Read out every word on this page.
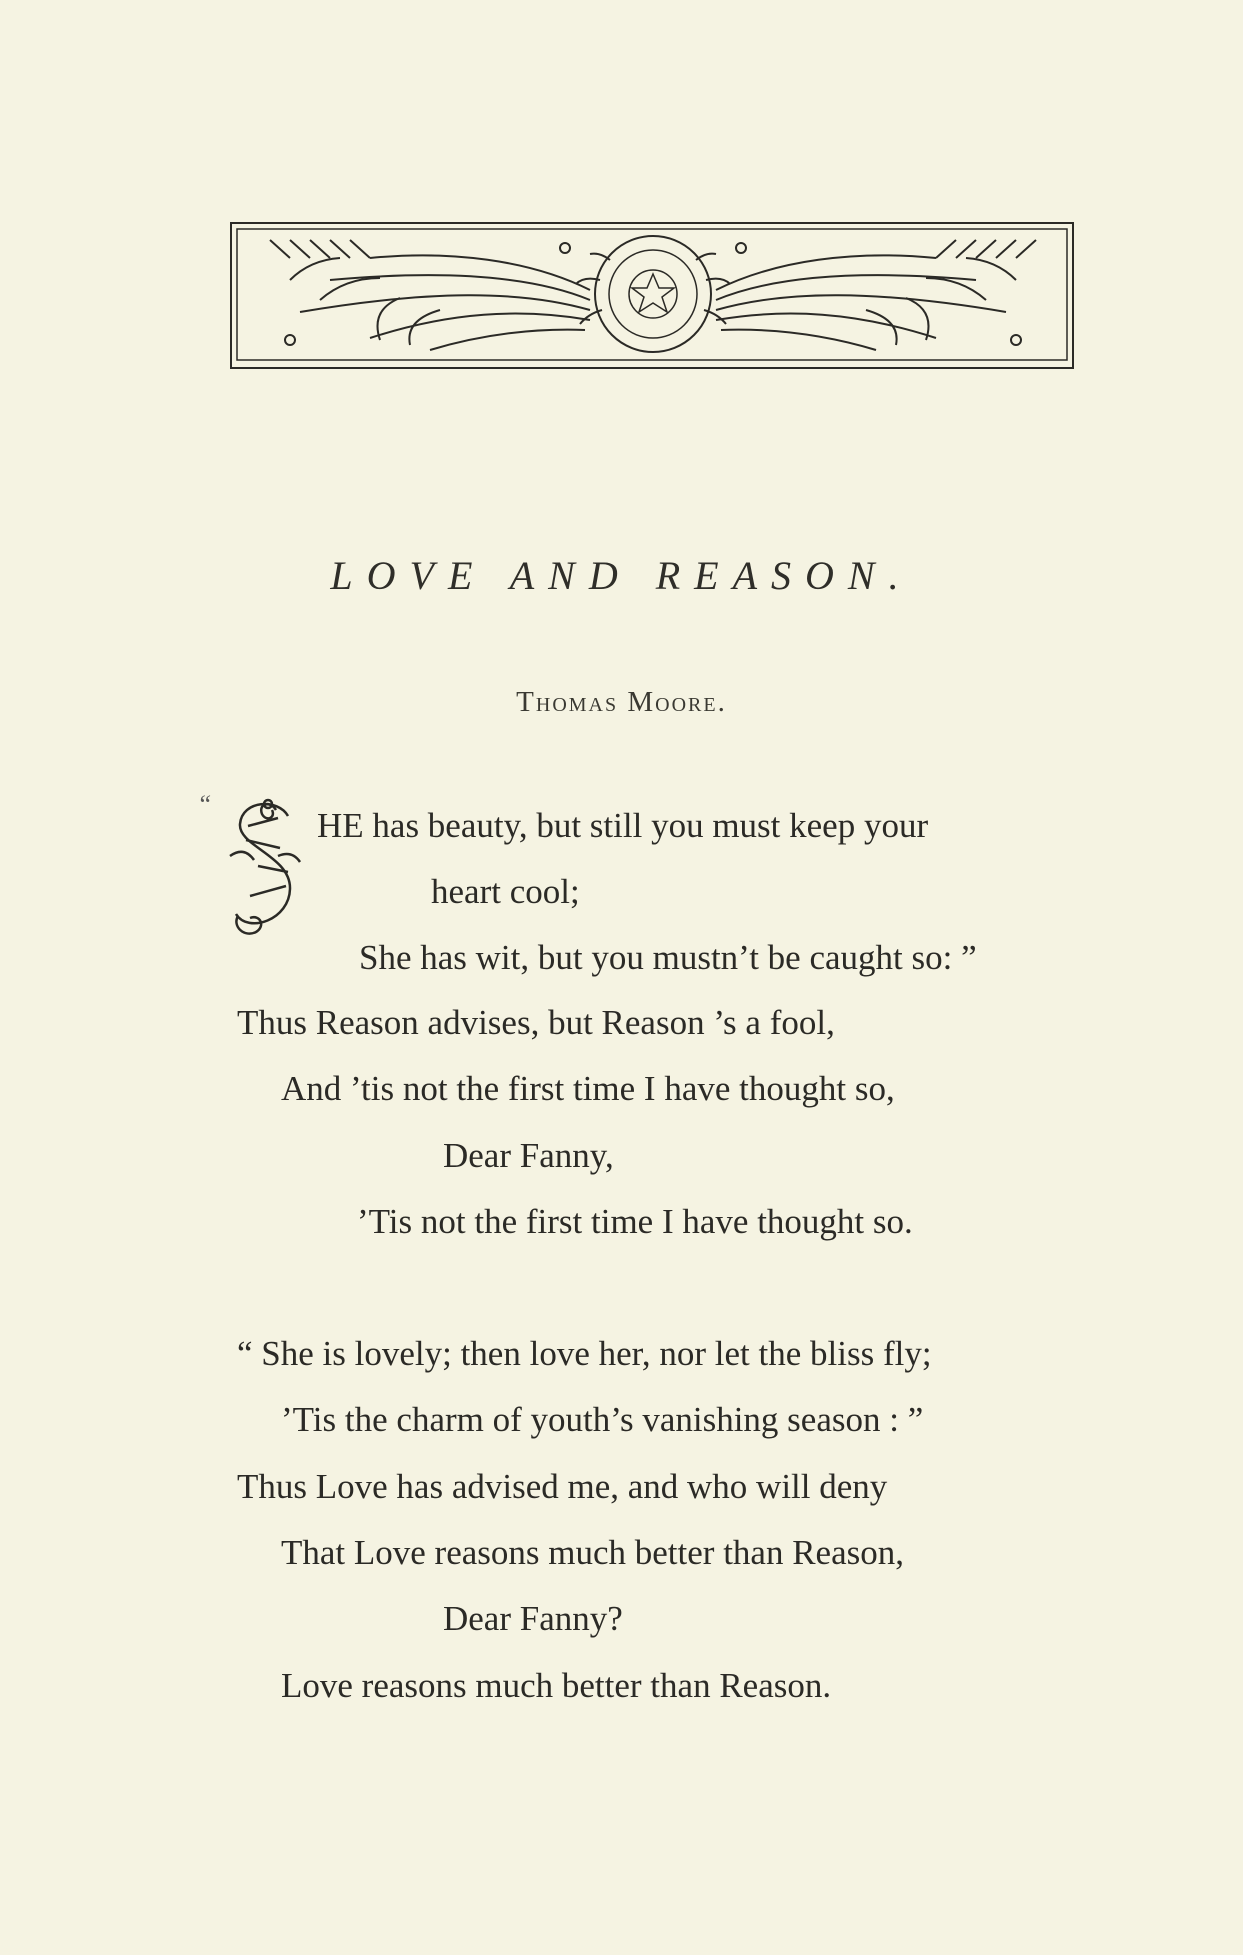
LOVE AND REASON.
Thomas Moore.
“
HE has beauty, but still you must keep your
heart cool;
She has wit, but you mustn’t be caught so: ”
Thus Reason advises, but Reason ’s a fool,
And ’tis not the first time I have thought so,
Dear Fanny,
’Tis not the first time I have thought so.
“ She is lovely; then love her, nor let the bliss fly;
’Tis the charm of youth’s vanishing season : ”
Thus Love has advised me, and who will deny
That Love reasons much better than Reason,
Dear Fanny?
Love reasons much better than Reason.
